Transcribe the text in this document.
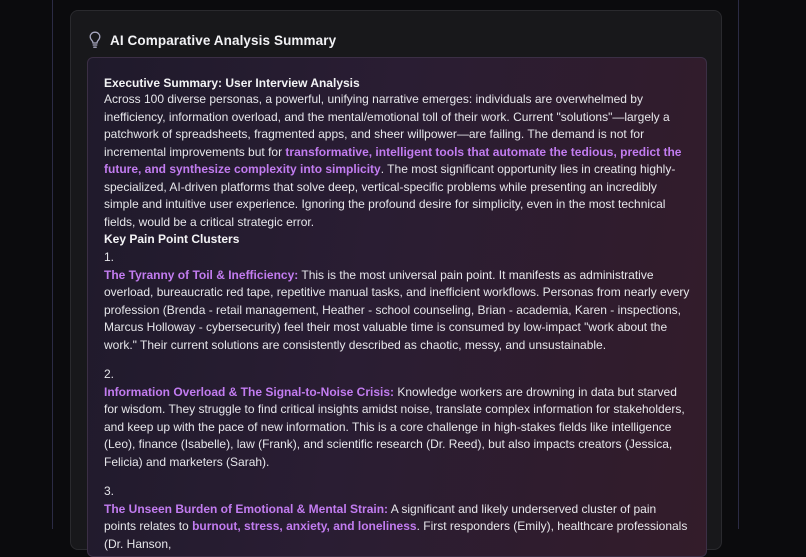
AI Comparative Analysis Summary

Executive Summary: User Interview Analysis

Across 100 diverse personas, a powerful, unifying narrative emerges: individuals are overwhelmed by inefficiency, information overload, and the mental/emotional toll of their work. Current "solutions"—largely a patchwork of spreadsheets, fragmented apps, and sheer willpower—are failing. The demand is not for incremental improvements but for transformative, intelligent tools that automate the tedious, predict the future, and synthesize complexity into simplicity. The most significant opportunity lies in creating highly-specialized, AI-driven platforms that solve deep, vertical-specific problems while presenting an incredibly simple and intuitive user experience. Ignoring the profound desire for simplicity, even in the most technical fields, would be a critical strategic error.

Key Pain Point Clusters

1.

The Tyranny of Toil & Inefficiency: This is the most universal pain point. It manifests as administrative overload, bureaucratic red tape, repetitive manual tasks, and inefficient workflows. Personas from nearly every profession (Brenda - retail management, Heather - school counseling, Brian - academia, Karen - inspections, Marcus Holloway - cybersecurity) feel their most valuable time is consumed by low-impact "work about the work." Their current solutions are consistently described as chaotic, messy, and unsustainable.

2.

Information Overload & The Signal-to-Noise Crisis: Knowledge workers are drowning in data but starved for wisdom. They struggle to find critical insights amidst noise, translate complex information for stakeholders, and keep up with the pace of new information. This is a core challenge in high-stakes fields like intelligence (Leo), finance (Isabelle), law (Frank), and scientific research (Dr. Reed), but also impacts creators (Jessica, Felicia) and marketers (Sarah).

3.

The Unseen Burden of Emotional & Mental Strain: A significant and likely underserved cluster of pain points relates to burnout, stress, anxiety, and loneliness. First responders (Emily), healthcare professionals (Dr. Hanson,
